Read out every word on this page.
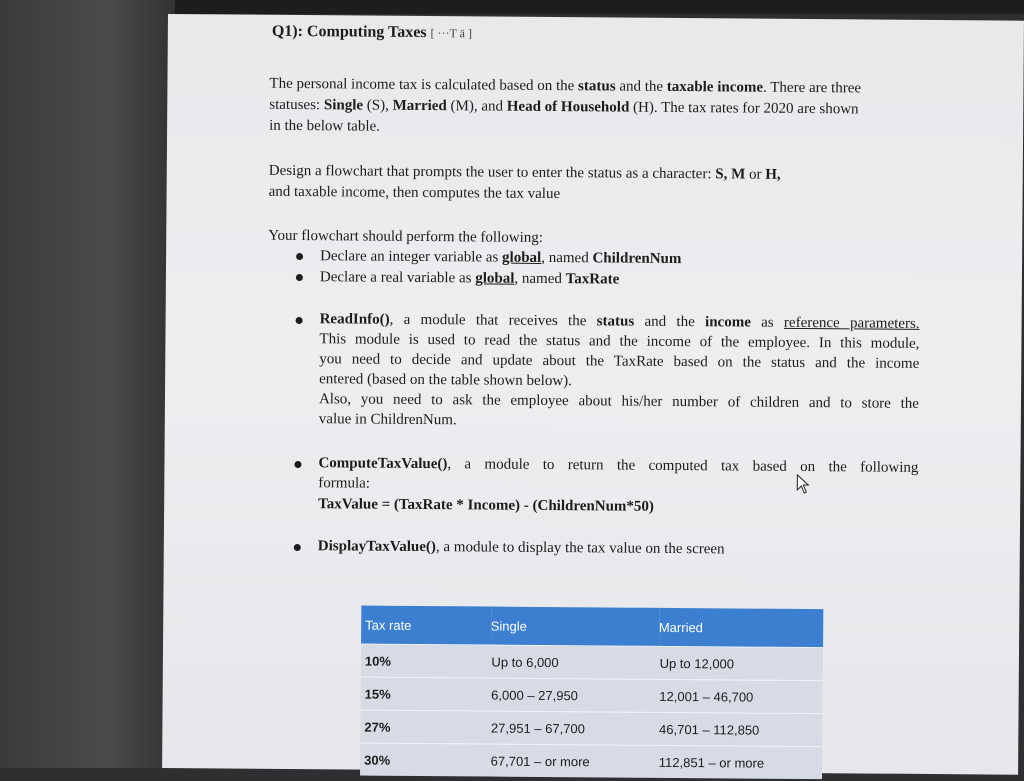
Q1): Computing Taxes [ ···T ӓ ]
The personal income tax is calculated based on the status and the taxable income. There are three
statuses: Single (S), Married (M), and Head of Household (H). The tax rates for 2020 are shown
in the below table.
Design a flowchart that prompts the user to enter the status as a character: S, M or H,
and taxable income, then computes the tax value
Your flowchart should perform the following:
Declare an integer variable as global, named ChildrenNum
Declare a real variable as global, named TaxRate
ReadInfo(), a module that receives the status and the income as reference parameters.
This module is used to read the status and the income of the employee. In this module,
you need to decide and update about the TaxRate based on the status and the income
entered (based on the table shown below).
Also, you need to ask the employee about his/her number of children and to store the
value in ChildrenNum.
ComputeTaxValue(), a module to return the computed tax based on the following
formula:
TaxValue = (TaxRate * Income) - (ChildrenNum*50)
DisplayTaxValue(), a module to display the tax value on the screen
Tax rate	Single	Married
10%	Up to 6,000	Up to 12,000
15%	6,000 – 27,950	12,001 – 46,700
27%	27,951 – 67,700	46,701 – 112,850
30%	67,701 – or more	112,851 – or more
